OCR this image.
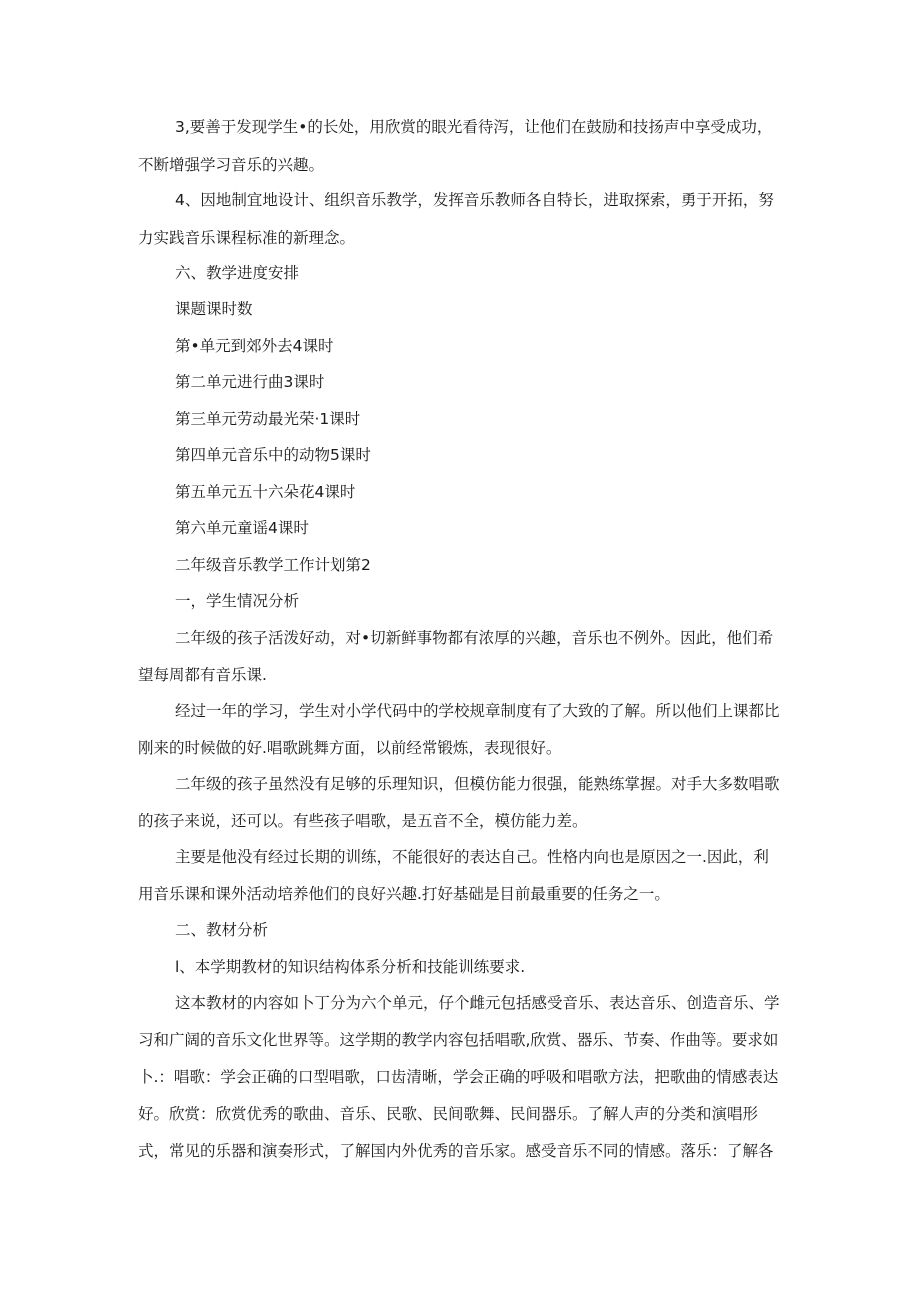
3,要善于发现学生•的长处，用欣赏的眼光看待泻，让他们在鼓励和技扬声中享受成功，
不断增强学习音乐的兴趣。

4、因地制宜地设计、组织音乐教学，发挥音乐教师各自特长，进取探索，勇于开拓，努
力实践音乐课程标准的新理念。

六、教学进度安排
课题课时数
第•单元到郊外去4课时
第二单元进行曲3课时
第三单元劳动最光荣·1课时
第四单元音乐中的动物5课时
第五单元五十六朵花4课时
第六单元童谣4课时
二年级音乐教学工作计划第2
一，学生情况分析

二年级的孩子活泼好动，对•切新鲜事物都有浓厚的兴趣，音乐也不例外。因此，他们希
望每周都有音乐课.

经过一年的学习，学生对小学代码中的学校规章制度有了大致的了解。所以他们上课都比
刚来的时候做的好.唱歌跳舞方面，以前经常锻炼，表现很好。

二年级的孩子虽然没有足够的乐理知识，但模仿能力很强，能熟练掌握。对手大多数唱歌
的孩子来说，还可以。有些孩子唱歌，是五音不全，模仿能力差。

主要是他没有经过长期的训练，不能很好的表达自己。性格内向也是原因之一.因此，利
用音乐课和课外活动培养他们的良好兴趣.打好基础是目前最重要的任务之一。

二、教材分析
l、本学期教材的知识结构体系分析和技能训练要求.

这本教材的内容如卜丁分为六个单元，仔个雌元包括感受音乐、表达音乐、创造音乐、学
习和广阔的音乐文化世界等。这学期的教学内容包括唱歌,欣赏、器乐、节奏、作曲等。要求如
卜.：唱歌：学会正确的口型唱歌，口齿清晰，学会正确的呼吸和唱歌方法，把歌曲的情感表达
好。欣赏：欣赏优秀的歌曲、音乐、民歌、民间歌舞、民间器乐。了解人声的分类和演唱形
式，常见的乐器和演奏形式，了解国内外优秀的音乐家。感受音乐不同的情感。落乐：了解各
